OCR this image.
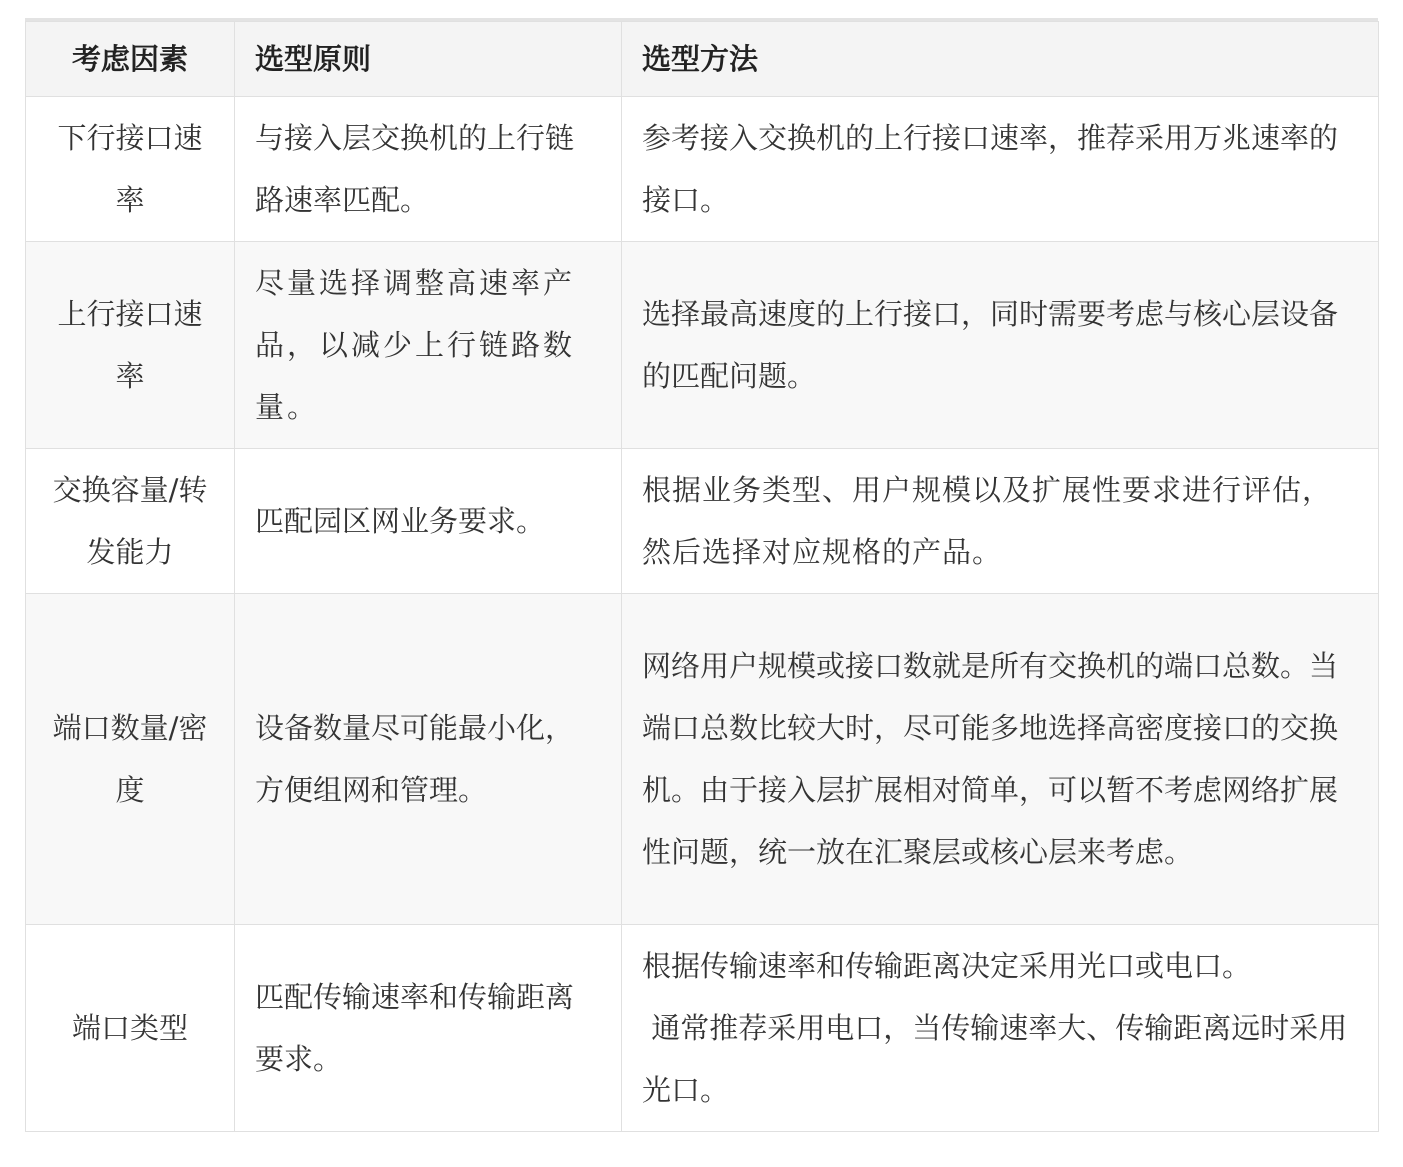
考虑因素	选型原则	选型方法
下行接口速率	与接入层交换机的上行链路速率匹配。	参考接入交换机的上行接口速率，推荐采用万兆速率的接口。

上行接口速率	尽量选择调整高速率产品，以减少上行链路数量。	选择最高速度的上行接口，同时需要考虑与核心层设备的匹配问题。

交换容量/转发能力	匹配园区网业务要求。	根据业务类型、用户规模以及扩展性要求进行评估，然后选择对应规格的产品。

端口数量/密度	设备数量尽可能最小化，方便组网和管理。	网络用户规模或接口数就是所有交换机的端口总数。当端口总数比较大时，尽可能多地选择高密度接口的交换机。由于接入层扩展相对简单，可以暂不考虑网络扩展性问题，统一放在汇聚层或核心层来考虑。

端口类型	匹配传输速率和传输距离要求。	根据传输速率和传输距离决定采用光口或电口。
通常推荐采用电口，当传输速率大、传输距离远时采用光口。
